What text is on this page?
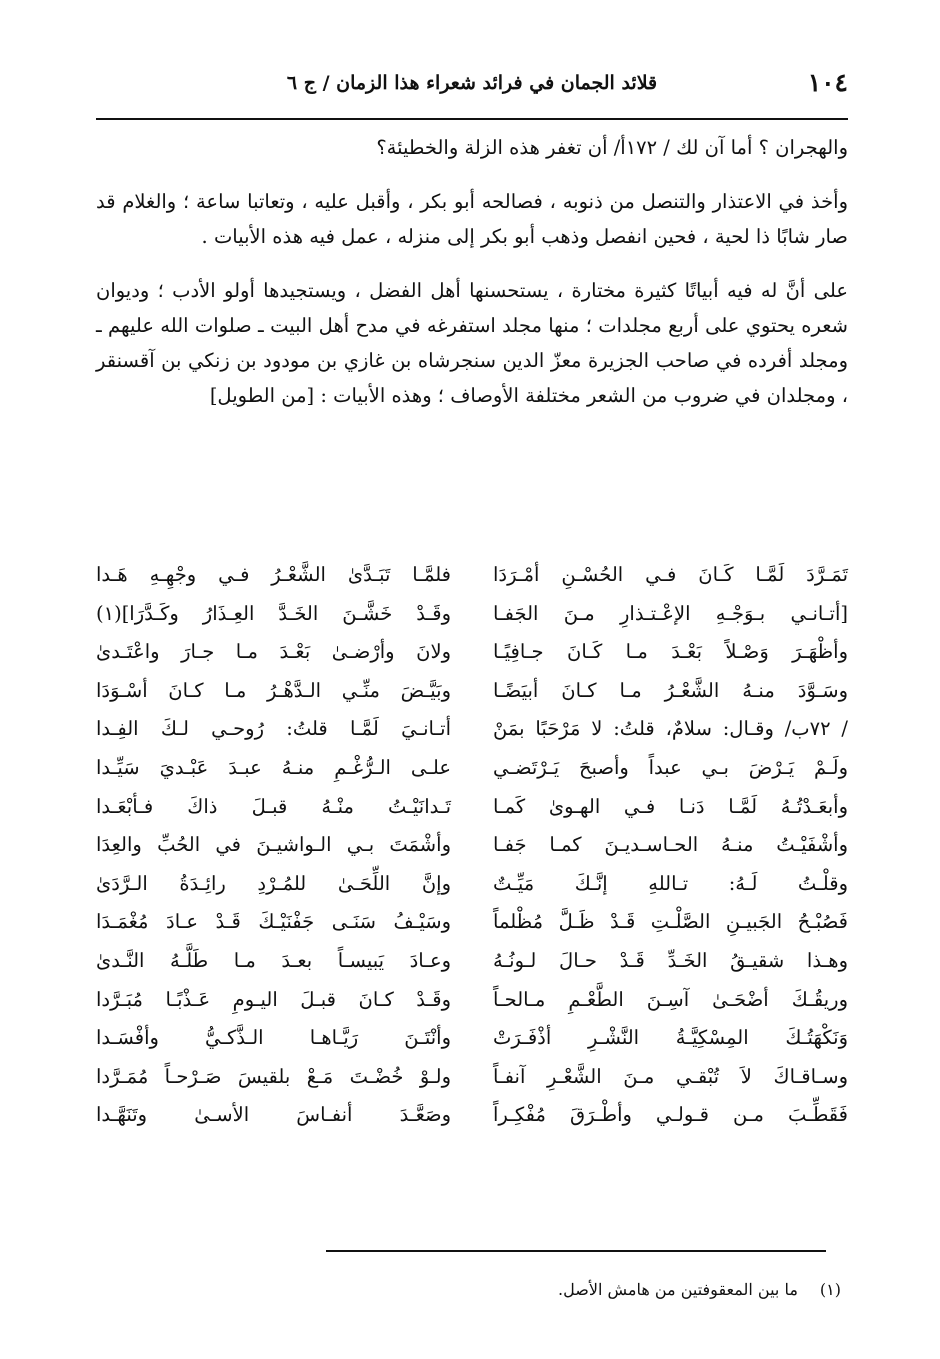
١٠٤
قلائد الجمان في فرائد شعراء هذا الزمان / ج ٦

والهجران ؟ أما آن لك / ١٧٢أ/ أن تغفر هذه الزلة والخطيئة؟

وأخذ في الاعتذار والتنصل من ذنوبه ، فصالحه أبو بكر ، وأقبل عليه ، وتعاتبا ساعة ؛ والغلام قد صار شابًا ذا لحية ، فحين انفصل وذهب أبو بكر إلى منزله ، عمل فيه هذه الأبيات .

على أنَّ له فيه أبياتًا كثيرة مختارة ، يستحسنها أهل الفضل ، ويستجيدها أولو الأدب ؛ وديوان شعره يحتوي على أربع مجلدات ؛ منها مجلد استفرغه في مدح أهل البيت ـ صلوات الله عليهم ـ ومجلد أفرده في صاحب الجزيرة معزّ الدين سنجرشاه بن غازي بن مودود بن زنكي بن آقسنقر ، ومجلدان في ضروب من الشعر مختلفة الأوصاف ؛ وهذه الأبيات : [من الطويل]

تَمَـرَّدَ لَمَّـا كَـانَ فـي الحُسْـنِ أمْـرَدَا
فلمَّـا تَبَـدَّىٰ الشَّعْـرُ فـي وجْهِـهِ هَـدا
[أتـانـي بـوَجْـهِ الإعْـتـذارِ مـنَ الجَفـا
وقَـدْ خَشَّـنَ الخَـدَّ العِـذَارُ وكَـدَّرَا](١)
وأظْهَـرَ وَصْـلاً بَعْـدَ مـا كَـانَ جـافِيًـا
ولانَ وأرْضـىٰ بَعْـدَ مـا جـارَ واعْتَـدىٰ
وسَـوَّدَ منـهُ الشَّعْـرُ مـا كـانَ أبيَضًـا
وبَيَّـضَ منِّـي الـدَّهْـرُ مـا كـانَ أسْـوَدَا
/ ٧٢ب/ وقـال: سلامٌ، قلتُ: لا مَرْحَبًا بمَنْ
أتـانـيَ لَمَّـا قلتُ: رُوحـي لـكَ الفِـدا
ولَـمْ يَـرْضَ بـي عبداً وأصبحَ يَـرْتَضـي
علـى الـرُّغْـمِ منـهُ عبـدَ عَبْـديَ سَيِّـدا
وأبعَـدْتُـهُ لَمَّـا دَنـا فـي الهـوىٰ كَمـا
تَـدانَيْـتُ منْـهُ قبـلَ ذاكَ فـأبْعَـدا
وأشْفَيْـتُ منـهُ الحـاسـديـنَ كمـا جَفـا
وأشْمَتَ بـي الـواشيـنَ في الحُبِّ والعِدَا
وقلْـتُ لَـهُ: تـاللهِ إنَّـكَ مَيِّـتٌ
وإنَّ اللِّحَـىٰ للمُـرْدِ رائِـدَةُ الـرَّدَىٰ
فَصُبْـحُ الجَبيـنِ الصَّلْـتِ قَـدْ ظَـلَّ مُظْلماً
وسَيْـفُ سَنَـى جَفْنَيْـكَ قَـدْ عـادَ مُغْمَـدَا
وهـذا شقيـقُ الخَـدِّ قَـدْ حـالَ لـونُـهُ
وعـادَ يَبيسـاً بعـدَ مـا طَلَّـهُ النَّـدىٰ
وريقُـكَ أضْحَـىٰ آسِـنَ الطَّعْـمِ مـالحـاً
وقَـدْ كـانَ قبـلَ اليـومِ عَـذْبًـا مُبَـرَّدا
وَنَكْهَتُـكَ المِسْكِيَّـةُ النَّشْـرِ أذْفَـرَتْ
وأنْتَـنَ رَيَّـاهـا الـذَّكـيُّ وأفْسَـدا
وسـاقـاكَ لاَ تُبْقـي مـنَ الشَّعْـرِ آنفـاً
ولـوْ خُضْـتَ مَـعْ بلقيسَ صَـرْحـاً مُمَـرَّدا
فَقَطِّـبَ مـن قـولـي وأطْـرَقَ مُفْكِـراً
وصَعَّـدَ أنفـاسَ الأسـىٰ وتَنَهَّـدا
(١)ما بين المعقوفتين من هامش الأصل.
